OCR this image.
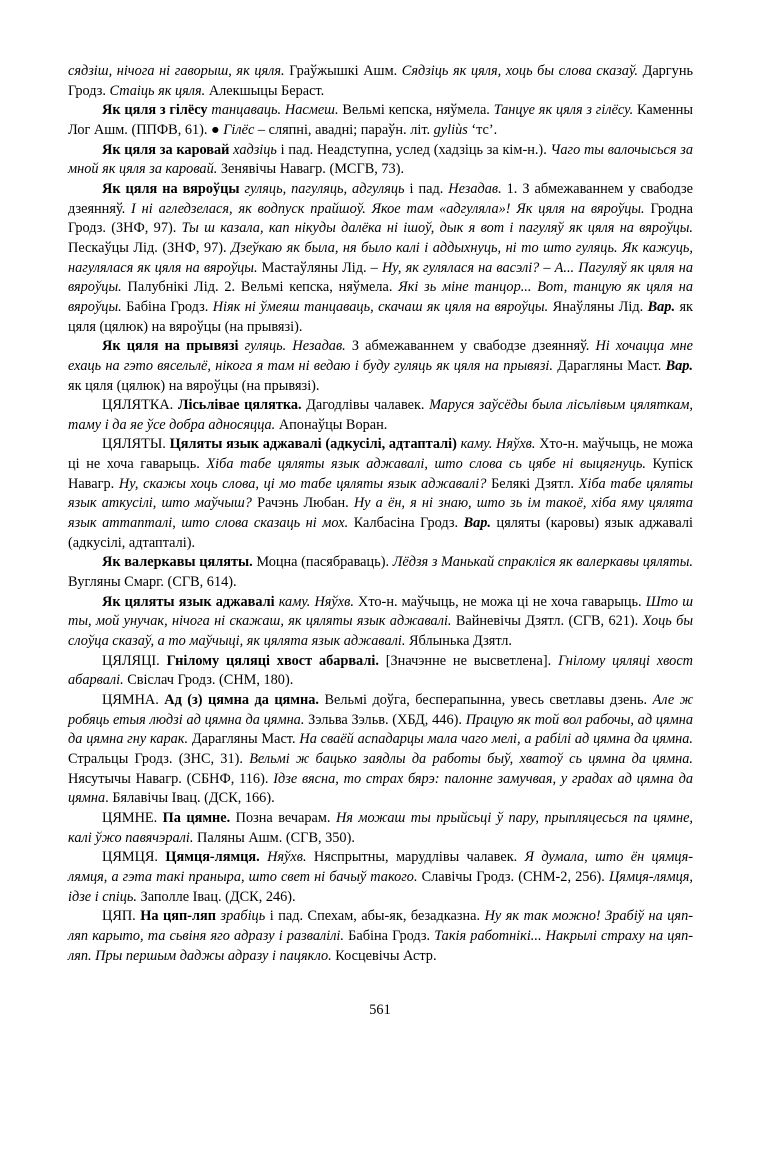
сядзіш, нічога ні гаворыш, як цяля. Граўжышкі Ашм. Сядзіць як цяля, хоць бы слова сказаў. Даргунь Гродз. Стаіць як цяля. Алекшыцы Бераст.

Як цяля з гілёсу танцаваць. Насмеш. Вельмі кепска, няўмела. Танцуе як цяля з гілёсу. Каменны Лог Ашм. (ППФВ, 61). ● Гілёс – сляпні, авадні; параўн. літ. gyliùs ‘тс’.

Як цяля за каровай хадзіць і пад. Неадступна, услед (хадзіць за кім-н.). Чаго ты валочысься за мной як цяля за каровай. Зенявічы Навагр. (МСГВ, 73).

Як цяля на вяроўцы гуляць, пагуляць, адгуляць і пад. Незадав. 1. З абмежаваннем у свабодзе дзеянняў. І ні агледзелася, як водпуск прайшоў. Якое там «адгуляла»! Як цяля на вяроўцы. Гродна Гродз. (ЗНФ, 97). Ты ш казала, кап нікуды далёка ні ішоў, дык я вот і пагуляў як цяля на вяроўцы. Пескаўцы Лід. (ЗНФ, 97). Дзеўкаю як была, ня было калі і аддыхнуць, ні то што гуляць. Як кажуць, нагулялася як цяля на вяроўцы. Мастаўляны Лід. – Ну, як гулялася на васэлі? – А... Пагуляў як цяля на вяроўцы. Палубнікі Лід. 2. Вельмі кепска, няўмела. Які зь міне танцор... Вот, танцую як цяля на вяроўцы. Бабіна Гродз. Ніяк ні ўмеяш танцаваць, скачаш як цяля на вяроўцы. Янаўляны Лід. Вар. як цяля (цялюк) на вяроўцы (на прывязі).

Як цяля на прывязі гуляць. Незадав. З абмежаваннем у свабодзе дзеянняў. Ні хочацца мне ехаць на гэто вясельлё, нікога я там ні ведаю і буду гуляць як цяля на прывязі. Дарагляны Маст. Вар. як цяля (цялюк) на вяроўцы (на прывязі).

ЦЯЛЯТКА. Лісьлівае цялятка. Дагодлівы чалавек. Маруся заўсёды была лісьлівым цяляткам, таму і да яе ўсе добра адносяцца. Апонаўцы Воран.

ЦЯЛЯТЫ. Цяляты язык аджавалі (адкусілі, адтапталі) каму. Няўхв. Хто-н. маўчыць, не можа ці не хоча гаварыць. Хіба табе цяляты язык аджавалі, што слова сь цябе ні выцягнуць. Купіск Навагр. Ну, скажы хоць слова, ці мо табе цяляты язык аджавалі? Белякі Дзятл. Хіба табе цяляты язык аткусілі, што маўчыш? Рачэнь Любан. Ну а ён, я ні знаю, што зь ім такоё, хіба яму цялята язык аттапталі, што слова сказаць ні мох. Калбасіна Гродз. Вар. цяляты (каровы) язык аджавалі (адкусілі, адтапталі).

Як валеркавы цяляты. Моцна (пасябраваць). Лёдзя з Манькай спракліся як валеркавы цяляты. Вугляны Смарг. (СГВ, 614).

Як цяляты язык аджавалі каму. Няўхв. Хто-н. маўчыць, не можа ці не хоча гаварыць. Што ш ты, мой унучак, нічога ні скажаш, як цяляты язык аджавалі. Вайневічы Дзятл. (СГВ, 621). Хоць бы слоўца сказаў, а то маўчыці, як цялята язык аджавалі. Яблынька Дзятл.

ЦЯЛЯЦІ. Гнілому цяляці хвост абарвалі. [Значэнне не высветлена]. Гнілому цяляці хвост абарвалі. Свіслач Гродз. (СНМ, 180).

ЦЯМНА. Ад (з) цямна да цямна. Вельмі доўга, бесперапынна, увесь светлавы дзень. Але ж робяць етыя людзі ад цямна да цямна. Зэльва Зэльв. (ХБД, 446). Працую як той вол рабочы, ад цямна да цямна гну карак. Дарагляны Маст. На сваёй аспадарцы мала чаго мелі, а рабілі ад цямна да цямна. Стральцы Гродз. (ЗНС, 31). Вельмі ж бацько заядлы да работы быў, хватоў сь цямна да цямна. Нясутычы Навагр. (СБНФ, 116). Ідзе вясна, то страх бярэ: палонне замучвая, у градах ад цямна да цямна. Бялавічы Івац. (ДСК, 166).

ЦЯМНЕ. Па цямне. Позна вечарам. Ня можаш ты прыйсьці ў пару, прыпляцесься па цямне, калі ўжо павячэралі. Паляны Ашм. (СГВ, 350).

ЦЯМЦЯ. Цямця-лямця. Няўхв. Няспрытны, марудлівы чалавек. Я думала, што ён цямця-лямця, а гэта такі праныра, што свет ні бачыў такого. Славічы Гродз. (СНМ-2, 256). Цямця-лямця, ідзе і спіць. Заполле Івац. (ДСК, 246).

ЦЯП. На цяп-ляп зрабіць і пад. Спехам, абы-як, безадказна. Ну як так можно! Зрабіў на цяп-ляп карыто, та сьвіня яго адразу і развалілі. Бабіна Гродз. Такія работнікі... Накрылі страху на цяп-ляп. Пры першым даджы адразу і пацякло. Косцевічы Астр.

561
